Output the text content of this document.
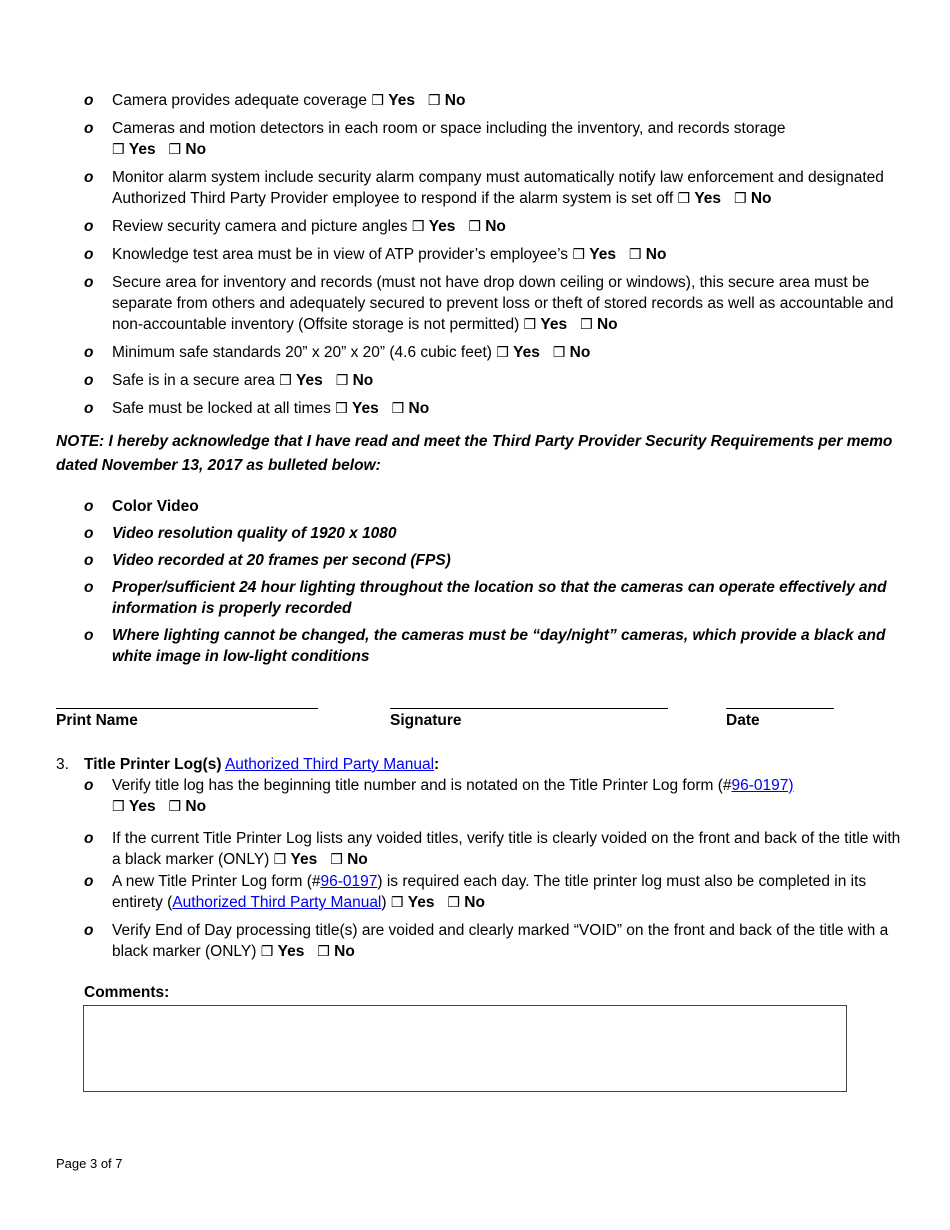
o	Camera provides adequate coverage ❒ Yes ❒ No
o	Cameras and motion detectors in each room or space including the inventory, and records storage
❒ Yes ❒ No
o	Monitor alarm system include security alarm company must automatically notify law enforcement and designated Authorized Third Party Provider employee to respond if the alarm system is set off ❒ Yes ❒ No
o	Review security camera and picture angles ❒ Yes ❒ No
o	Knowledge test area must be in view of ATP provider’s employee’s ❒ Yes ❒ No
o	Secure area for inventory and records (must not have drop down ceiling or windows), this secure area must be separate from others and adequately secured to prevent loss or theft of stored records as well as accountable and non-accountable inventory (Offsite storage is not permitted) ❒ Yes ❒ No
o	Minimum safe standards 20” x 20” x 20” (4.6 cubic feet) ❒ Yes ❒ No
o	Safe is in a secure area ❒ Yes ❒ No
o	Safe must be locked at all times ❒ Yes ❒ No
NOTE: I hereby acknowledge that I have read and meet the Third Party Provider Security Requirements per memo dated November 13, 2017 as bulleted below:
o	Color Video
o	Video resolution quality of 1920 x 1080
o	Video recorded at 20 frames per second (FPS)
o	Proper/sufficient 24 hour lighting throughout the location so that the cameras can operate effectively and information is properly recorded
o	Where lighting cannot be changed, the cameras must be “day/night” cameras, which provide a black and white image in low-light conditions
Print Name	Signature	Date
3. Title Printer Log(s) Authorized Third Party Manual:
o	Verify title log has the beginning title number and is notated on the Title Printer Log form (#96-0197)
❒ Yes ❒ No
o	If the current Title Printer Log lists any voided titles, verify title is clearly voided on the front and back of the title with a black marker (ONLY) ❒ Yes ❒ No
o	A new Title Printer Log form (#96-0197) is required each day. The title printer log must also be completed in its entirety (Authorized Third Party Manual) ❒ Yes ❒ No
o	Verify End of Day processing title(s) are voided and clearly marked “VOID” on the front and back of the title with a black marker (ONLY) ❒ Yes ❒ No
Comments:
Page 3 of 7
